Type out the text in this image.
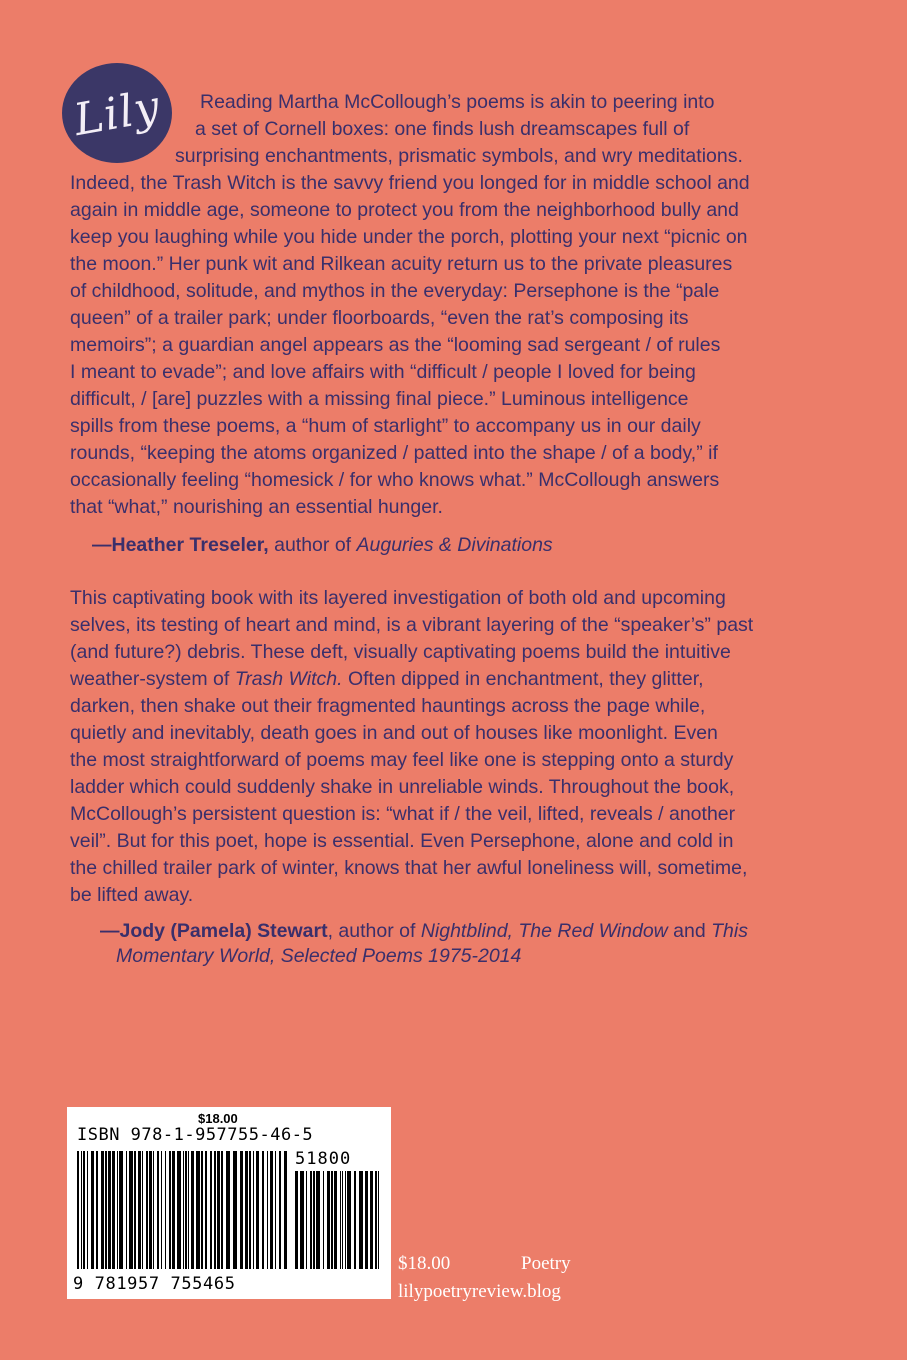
Lily Reading Martha McCollough’s poems is akin to peering into
a set of Cornell boxes: one finds lush dreamscapes full of
surprising enchantments, prismatic symbols, and wry meditations.
Indeed, the Trash Witch is the savvy friend you longed for in middle school and
again in middle age, someone to protect you from the neighborhood bully and
keep you laughing while you hide under the porch, plotting your next “picnic on
the moon.” Her punk wit and Rilkean acuity return us to the private pleasures
of childhood, solitude, and mythos in the everyday: Persephone is the “pale
queen” of a trailer park; under floorboards, “even the rat’s composing its
memoirs”; a guardian angel appears as the “looming sad sergeant / of rules
I meant to evade”; and love affairs with “difficult / people I loved for being
difficult, / [are] puzzles with a missing final piece.” Luminous intelligence
spills from these poems, a “hum of starlight” to accompany us in our daily
rounds, “keeping the atoms organized / patted into the shape / of a body,” if
occasionally feeling “homesick / for who knows what.” McCollough answers
that “what,” nourishing an essential hunger.
—Heather Treseler, author of Auguries & Divinations
This captivating book with its layered investigation of both old and upcoming
selves, its testing of heart and mind, is a vibrant layering of the “speaker’s” past
(and future?) debris. These deft, visually captivating poems build the intuitive
weather-system of Trash Witch. Often dipped in enchantment, they glitter,
darken, then shake out their fragmented hauntings across the page while,
quietly and inevitably, death goes in and out of houses like moonlight. Even
the most straightforward of poems may feel like one is stepping onto a sturdy
ladder which could suddenly shake in unreliable winds. Throughout the book,
McCollough’s persistent question is: “what if / the veil, lifted, reveals / another
veil”. But for this poet, hope is essential. Even Persephone, alone and cold in
the chilled trailer park of winter, knows that her awful loneliness will, sometime,
be lifted away.
—Jody (Pamela) Stewart, author of Nightblind, The Red Window and This
Momentary World, Selected Poems 1975-2014
$18.00
ISBN 978-1-957755-46-5
51800
9 781957 755465
$18.00	Poetry
lilypoetryreview.blog
